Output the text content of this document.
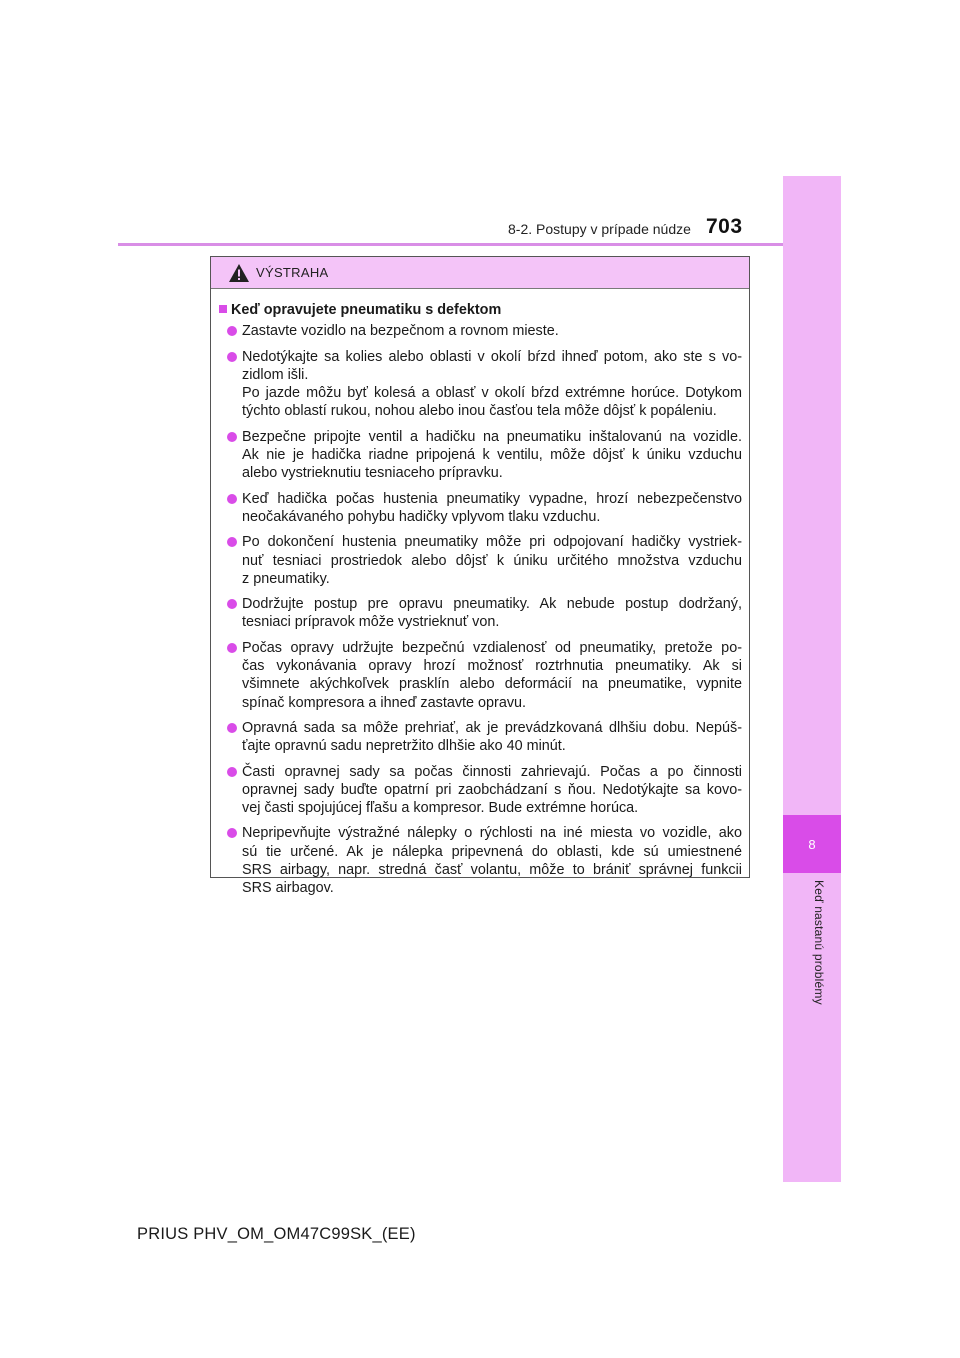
8
Keď nastanú problémy
8-2. Postupy v prípade núdze 703
VÝSTRAHA
Keď opravujete pneumatiku s defektom
Zastavte vozidlo na bezpečnom a rovnom mieste.
Nedotýkajte sa kolies alebo oblasti v okolí bŕzd ihneď potom, ako ste s vo-
zidlom išli.
Po jazde môžu byť kolesá a oblasť v okolí bŕzd extrémne horúce. Dotykom
týchto oblastí rukou, nohou alebo inou časťou tela môže dôjsť k popáleniu.
Bezpečne pripojte ventil a hadičku na pneumatiku inštalovanú na vozidle.
Ak nie je hadička riadne pripojená k ventilu, môže dôjsť k úniku vzduchu
alebo vystrieknutiu tesniaceho prípravku.
Keď hadička počas hustenia pneumatiky vypadne, hrozí nebezpečenstvo
neočakávaného pohybu hadičky vplyvom tlaku vzduchu.
Po dokončení hustenia pneumatiky môže pri odpojovaní hadičky vystriek-
nuť tesniaci prostriedok alebo dôjsť k úniku určitého množstva vzduchu
z pneumatiky.
Dodržujte postup pre opravu pneumatiky. Ak nebude postup dodržaný,
tesniaci prípravok môže vystrieknuť von.
Počas opravy udržujte bezpečnú vzdialenosť od pneumatiky, pretože po-
čas vykonávania opravy hrozí možnosť roztrhnutia pneumatiky. Ak si
všimnete akýchkoľvek prasklín alebo deformácií na pneumatike, vypnite
spínač kompresora a ihneď zastavte opravu.
Opravná sada sa môže prehriať, ak je prevádzkovaná dlhšiu dobu. Nepúš-
ťajte opravnú sadu nepretržito dlhšie ako 40 minút.
Časti opravnej sady sa počas činnosti zahrievajú. Počas a po činnosti
opravnej sady buďte opatrní pri zaobchádzaní s ňou. Nedotýkajte sa kovo-
vej časti spojujúcej fľašu a kompresor. Bude extrémne horúca.
Nepripevňujte výstražné nálepky o rýchlosti na iné miesta vo vozidle, ako
sú tie určené. Ak je nálepka pripevnená do oblasti, kde sú umiestnené
SRS airbagy, napr. stredná časť volantu, môže to brániť správnej funkcii
SRS airbagov.
PRIUS PHV_OM_OM47C99SK_(EE)
